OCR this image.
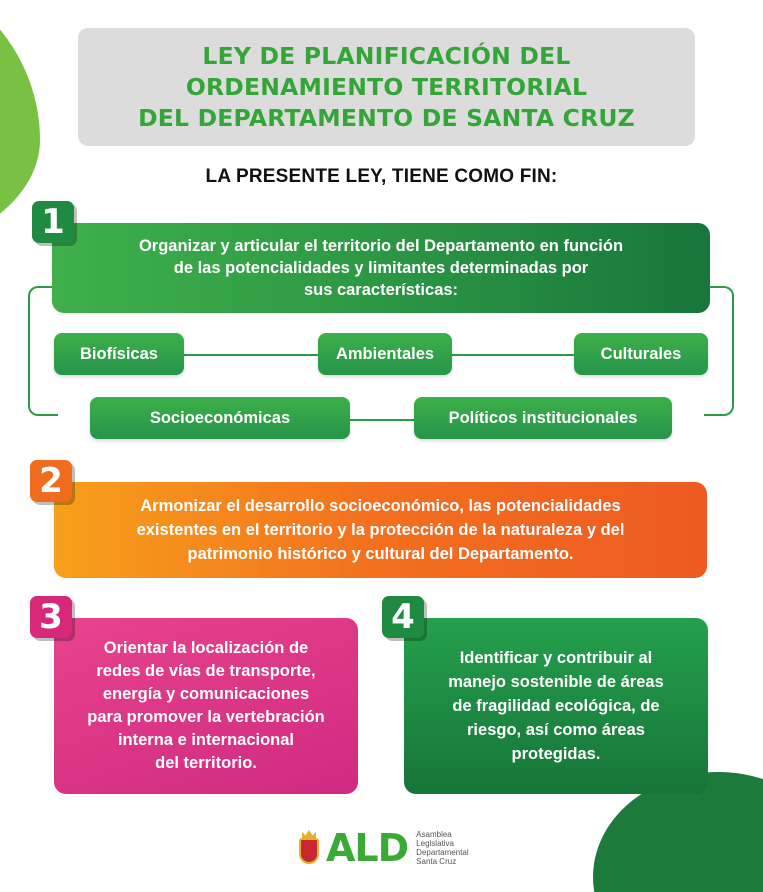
LEY DE PLANIFICACIÓN DEL
ORDENAMIENTO TERRITORIAL
DEL DEPARTAMENTO DE SANTA CRUZ
LA PRESENTE LEY, TIENE COMO FIN:

Organizar y articular el territorio del Departamento en función
de las potencialidades y limitantes determinadas por
sus características:

1
Biofísicas	Ambientales	Culturales
Socioeconómicas	Políticos institucionales

Armonizar el desarrollo socioeconómico, las potencialidades
existentes en el territorio y la protección de la naturaleza y del
patrimonio histórico y cultural del Departamento.

2

Orientar la localización de
redes de vías de transporte,
energía y comunicaciones
para promover la vertebración
interna e internacional
del territorio.

3

Identificar y contribuir al
manejo sostenible de áreas
de fragilidad ecológica, de
riesgo, así como áreas
protegidas.

4
ALD Asamblea
Legislativa
Departamental
Santa Cruz
